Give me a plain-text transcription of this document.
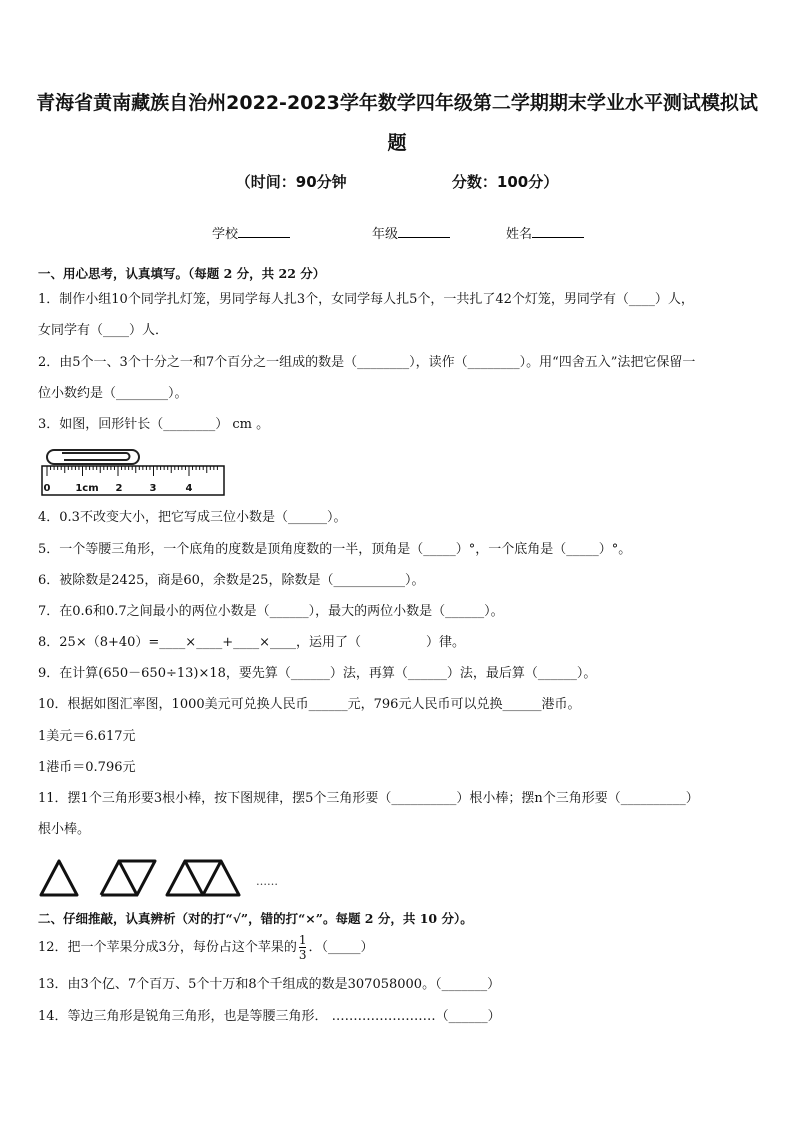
青海省黄南藏族自治州2022-2023学年数学四年级第二学期期末学业水平测试模拟试
题
（时间：90分钟	分数：100分）
学校	年级	姓名
一、用心思考，认真填写。（每题 2 分，共 22 分）
1．制作小组10个同学扎灯笼，男同学每人扎3个，女同学每人扎5个，一共扎了42个灯笼，男同学有（____）人，
女同学有（____）人．
2．由5个一、3个十分之一和7个百分之一组成的数是（________），读作（________）。用“四舍五入”法把它保留一
位小数约是（________）。
3．如图，回形针长（________） cm 。
0 1cm 2	3	4
4．0.3不改变大小，把它写成三位小数是（______）。
5．一个等腰三角形，一个底角的度数是顶角度数的一半，顶角是（_____）°，一个底角是（_____）°。
6．被除数是2425，商是60，余数是25，除数是（___________）。
7．在0.6和0.7之间最小的两位小数是（______），最大的两位小数是（______）。
8．25×（8+40）=____×____+____×____，运用了（　　　　　）律。
9．在计算(650－650÷13)×18，要先算（______）法，再算（______）法，最后算（______）。
10．根据如图汇率图，1000美元可兑换人民币______元，796元人民币可以兑换______港币。
1美元＝6.617元
1港币＝0.796元
11．摆1个三角形要3根小棒，按下图规律，摆5个三角形要（__________）根小棒；摆n个三角形要（__________）
根小棒。
……
二、仔细推敲，认真辨析（对的打“√”，错的打“×”。每题 2 分，共 10 分）。
12．把一个苹果分成3分，每份占这个苹果的 $\frac{1}{3}$ ．（_____）
13．由3个亿、7个百万、5个十万和8个千组成的数是307058000。（_______）
14．等边三角形是锐角三角形，也是等腰三角形． ……………………（______）
